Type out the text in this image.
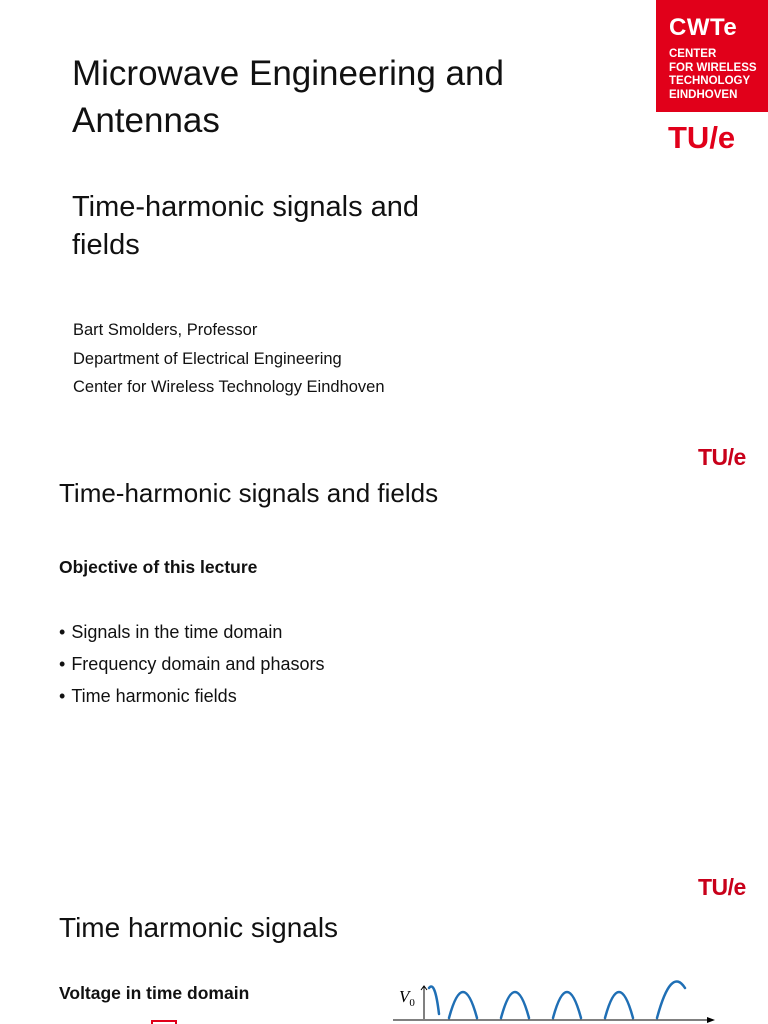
CWTe
CENTER
FOR WIRELESS
TECHNOLOGY
EINDHOVEN
TU/e
Microwave Engineering and Antennas
Time-harmonic signals and fields
Bart Smolders, Professor
Department of Electrical Engineering
Center for Wireless Technology Eindhoven
TU/e
Time-harmonic signals and fields
Objective of this lecture
• Signals in the time domain
• Frequency domain and phasors
• Time harmonic fields
TU/e
Time harmonic signals
Voltage in time domain	$V_0$
